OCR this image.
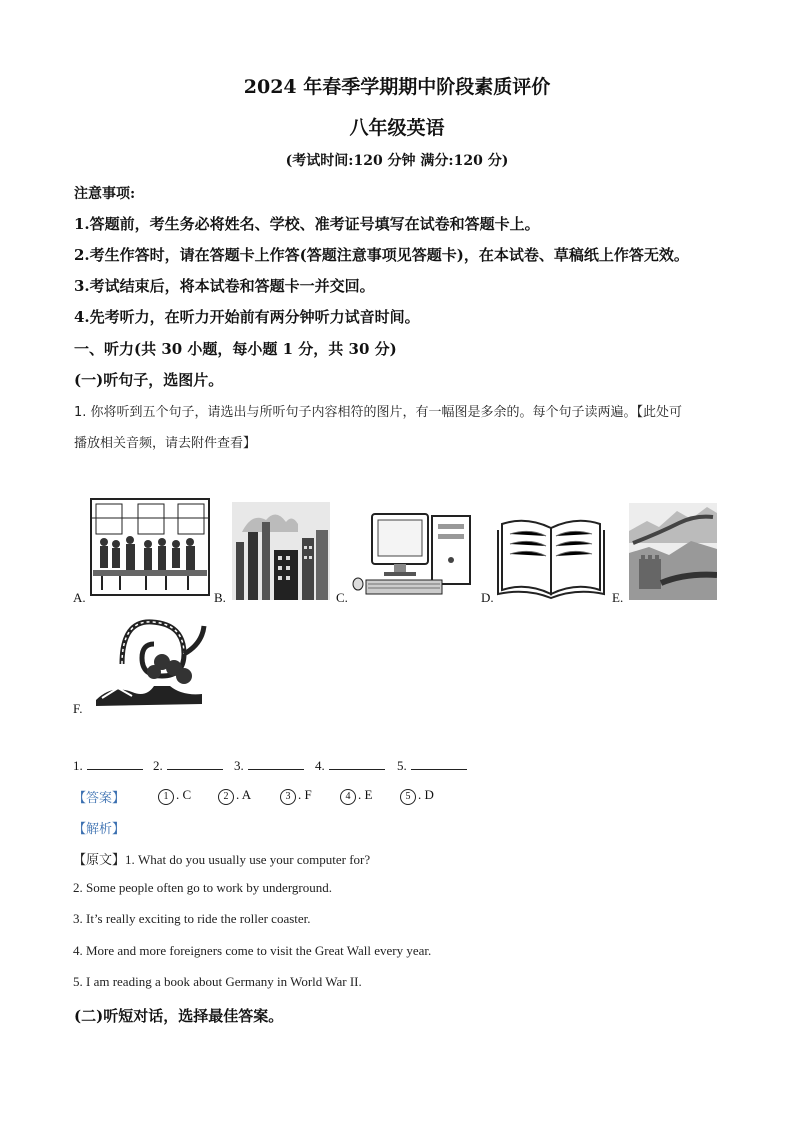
2024 年春季学期期中阶段素质评价
八年级英语
(考试时间:120 分钟 满分:120 分)
注意事项:
1.答题前，考生务必将姓名、学校、准考证号填写在试卷和答题卡上。
2.考生作答时，请在答题卡上作答(答题注意事项见答题卡)，在本试卷、草稿纸上作答无效。
3.考试结束后，将本试卷和答题卡一并交回。
4.先考听力，在听力开始前有两分钟听力试音时间。
一、听力(共 30 小题，每小题 1 分，共 30 分)
(一)听句子，选图片。
1. 你将听到五个句子，请选出与所听句子内容相符的图片，有一幅图是多余的。每个句子读两遍。【此处可
播放相关音频，请去附件查看】
A.	B.	C.	D.	E.
F.
1.	2.	3.	4.	5.
【答案】	1 . C	2 . A	3 . F	4 . E	5 . D
【解析】
【原文】1. What do you usually use your computer for?
2. Some people often go to work by underground.
3. It’s really exciting to ride the roller coaster.
4. More and more foreigners come to visit the Great Wall every year.
5. I am reading a book about Germany in World War II.
(二)听短对话，选择最佳答案。
